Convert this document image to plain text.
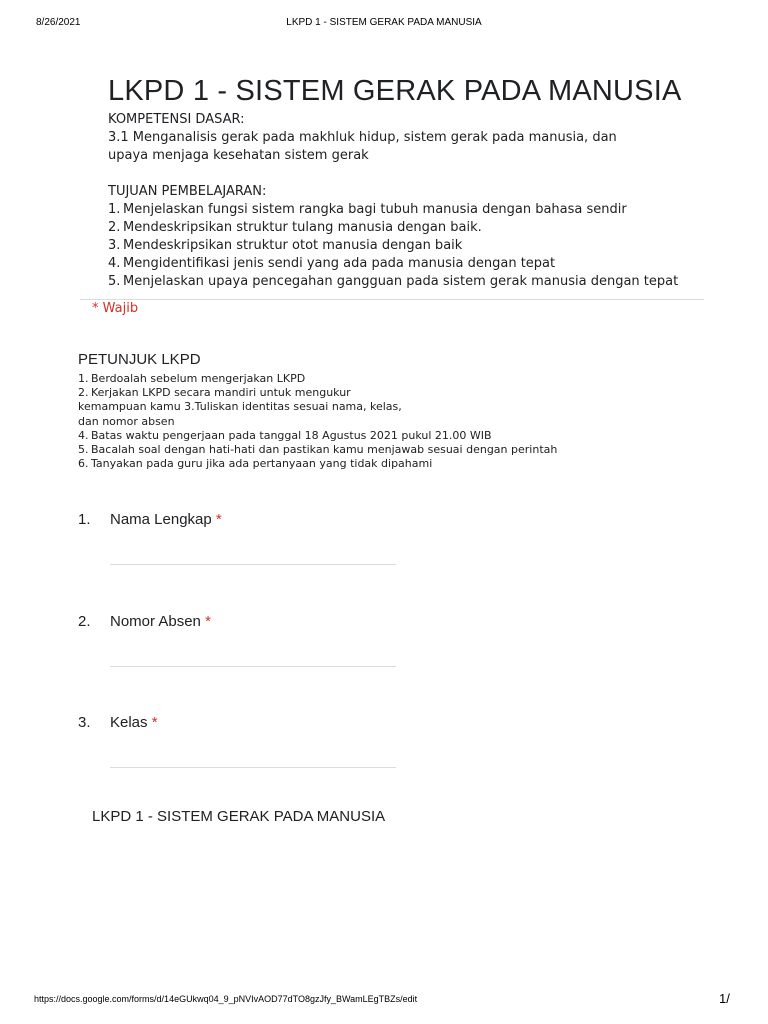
8/26/2021	LKPD 1 - SISTEM GERAK PADA MANUSIA
LKPD 1 - SISTEM GERAK PADA MANUSIA
KOMPETENSI DASAR:
3.1 Menganalisis gerak pada makhluk hidup, sistem gerak pada manusia, dan
upaya menjaga kesehatan sistem gerak
TUJUAN PEMBELAJARAN:
1. Menjelaskan fungsi sistem rangka bagi tubuh manusia dengan bahasa sendir
2. Mendeskripsikan struktur tulang manusia dengan baik.
3. Mendeskripsikan struktur otot manusia dengan baik
4. Mengidentifikasi jenis sendi yang ada pada manusia dengan tepat
5. Menjelaskan upaya pencegahan gangguan pada sistem gerak manusia dengan tepat
* Wajib
PETUNJUK LKPD
1. Berdoalah sebelum mengerjakan LKPD
2. Kerjakan LKPD secara mandiri untuk mengukur
kemampuan kamu 3.Tuliskan identitas sesuai nama, kelas,
dan nomor absen
4. Batas waktu pengerjaan pada tanggal 18 Agustus 2021 pukul 21.00 WIB
5. Bacalah soal dengan hati-hati dan pastikan kamu menjawab sesuai dengan perintah
6. Tanyakan pada guru jika ada pertanyaan yang tidak dipahami
1. Nama Lengkap *
2. Nomor Absen *
3. Kelas *
LKPD 1 - SISTEM GERAK PADA MANUSIA
https://docs.google.com/forms/d/14eGUkwq04_9_pNVIvAOD77dTO8gzJfy_BWamLEgTBZs/edit	1/
